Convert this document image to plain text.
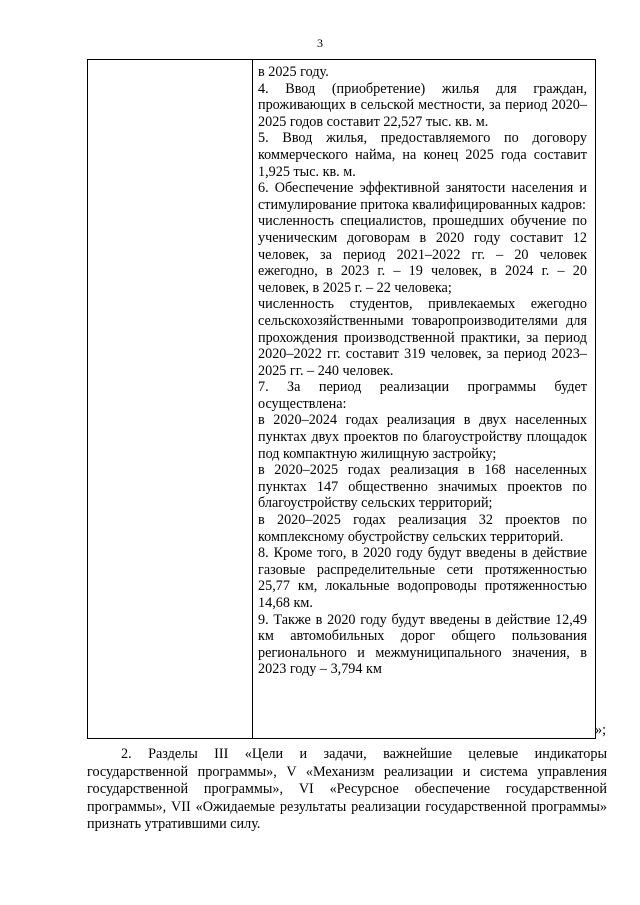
3

в 2025 году.

4. Ввод (приобретение) жилья для граждан, проживающих в сельской местности, за период 2020–2025 годов составит 22,527 тыс. кв. м.

5. Ввод жилья, предоставляемого по договору коммерческого найма, на конец 2025 года составит 1,925 тыс. кв. м.

6. Обеспечение эффективной занятости населения и стимулирование притока квалифицированных кадров:

численность специалистов, прошедших обучение по ученическим договорам в 2020 году составит 12 человек, за период 2021–2022 гг. – 20 человек ежегодно, в 2023 г. – 19 человек, в 2024 г. – 20 человек, в 2025 г. – 22 человека;

численность студентов, привлекаемых ежегодно сельскохозяйственными товаропроизводителями для прохождения производственной практики, за период 2020–2022 гг. составит 319 человек, за период 2023–2025 гг. – 240 человек.

7. За период реализации программы будет осуществлена:

в 2020–2024 годах реализация в двух населенных пунктах двух проектов по благоустройству площадок под компактную жилищную застройку;

в 2020–2025 годах реализация в 168 населенных пунктах 147 общественно значимых проектов по благоустройству сельских территорий;

в 2020–2025 годах реализация 32 проектов по комплексному обустройству сельских территорий.

8. Кроме того, в 2020 году будут введены в действие газовые распределительные сети протяженностью 25,77 км, локальные водопроводы протяженностью 14,68 км.

9. Также в 2020 году будут введены в действие 12,49 км автомобильных дорог общего пользования регионального и межмуниципального значения, в 2023 году – 3,794 км

»;

2. Разделы III «Цели и задачи, важнейшие целевые индикаторы государственной программы», V «Механизм реализации и система управления государственной программы», VI «Ресурсное обеспечение государственной программы», VII «Ожидаемые результаты реализации государственной программы» признать утратившими силу.
